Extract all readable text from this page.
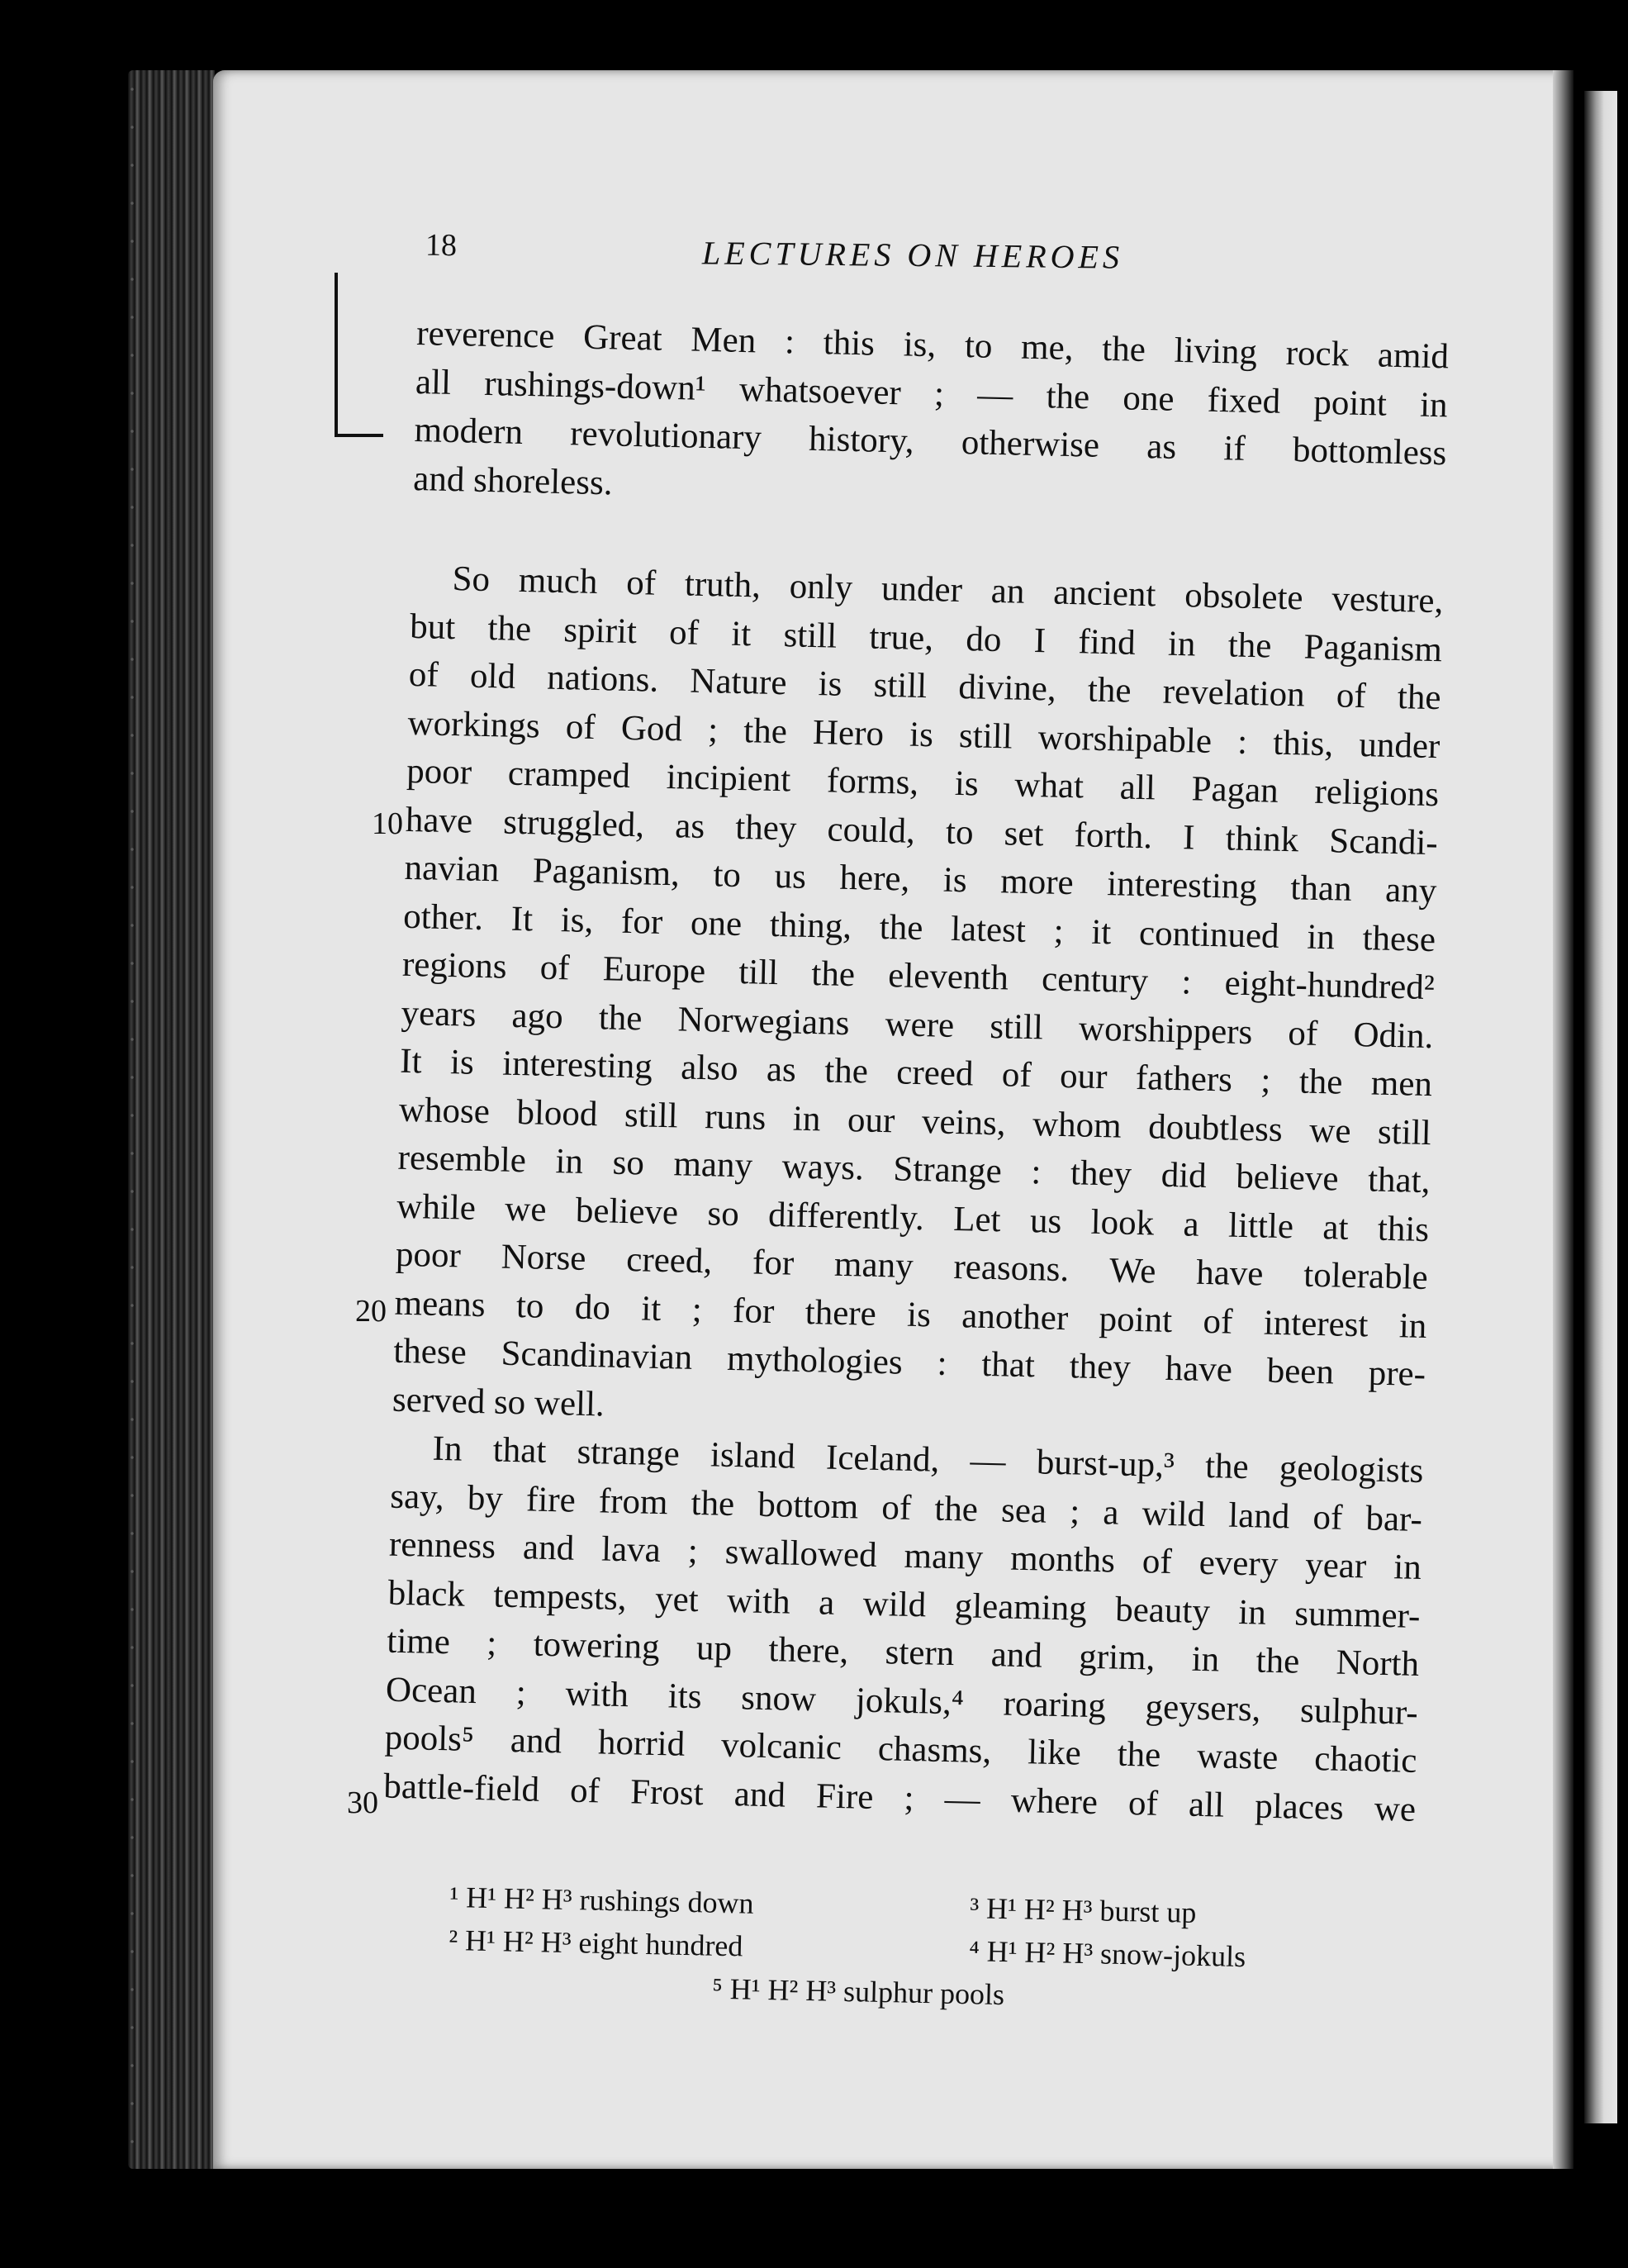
18	LECTURES ON HEROES
reverence Great Men : this is, to me, the living rock amid
all rushings-down¹ whatsoever ; — the one fixed point in
modern revolutionary history, otherwise as if bottomless
and shoreless.
So much of truth, only under an ancient obsolete vesture,
but the spirit of it still true, do I find in the Paganism
of old nations. Nature is still divine, the revelation of the
workings of God ; the Hero is still worshipable : this, under
poor cramped incipient forms, is what all Pagan religions
have struggled, as they could, to set forth. I think Scandi-
navian Paganism, to us here, is more interesting than any
other. It is, for one thing, the latest ; it continued in these
regions of Europe till the eleventh century : eight-hundred²
years ago the Norwegians were still worshippers of Odin.
It is interesting also as the creed of our fathers ; the men
whose blood still runs in our veins, whom doubtless we still
resemble in so many ways. Strange : they did believe that,
while we believe so differently. Let us look a little at this
poor Norse creed, for many reasons. We have tolerable
means to do it ; for there is another point of interest in
these Scandinavian mythologies : that they have been pre-
served so well.
In that strange island Iceland, — burst-up,³ the geologists
say, by fire from the bottom of the sea ; a wild land of bar-
renness and lava ; swallowed many months of every year in
black tempests, yet with a wild gleaming beauty in summer-
time ; towering up there, stern and grim, in the North
Ocean ; with its snow jokuls,⁴ roaring geysers, sulphur-
pools⁵ and horrid volcanic chasms, like the waste chaotic
battle-field of Frost and Fire ; — where of all places we
10
20
30
¹ H¹ H² H³ rushings down	³ H¹ H² H³ burst up
² H¹ H² H³ eight hundred	⁴ H¹ H² H³ snow-jokuls
⁵ H¹ H² H³ sulphur pools
